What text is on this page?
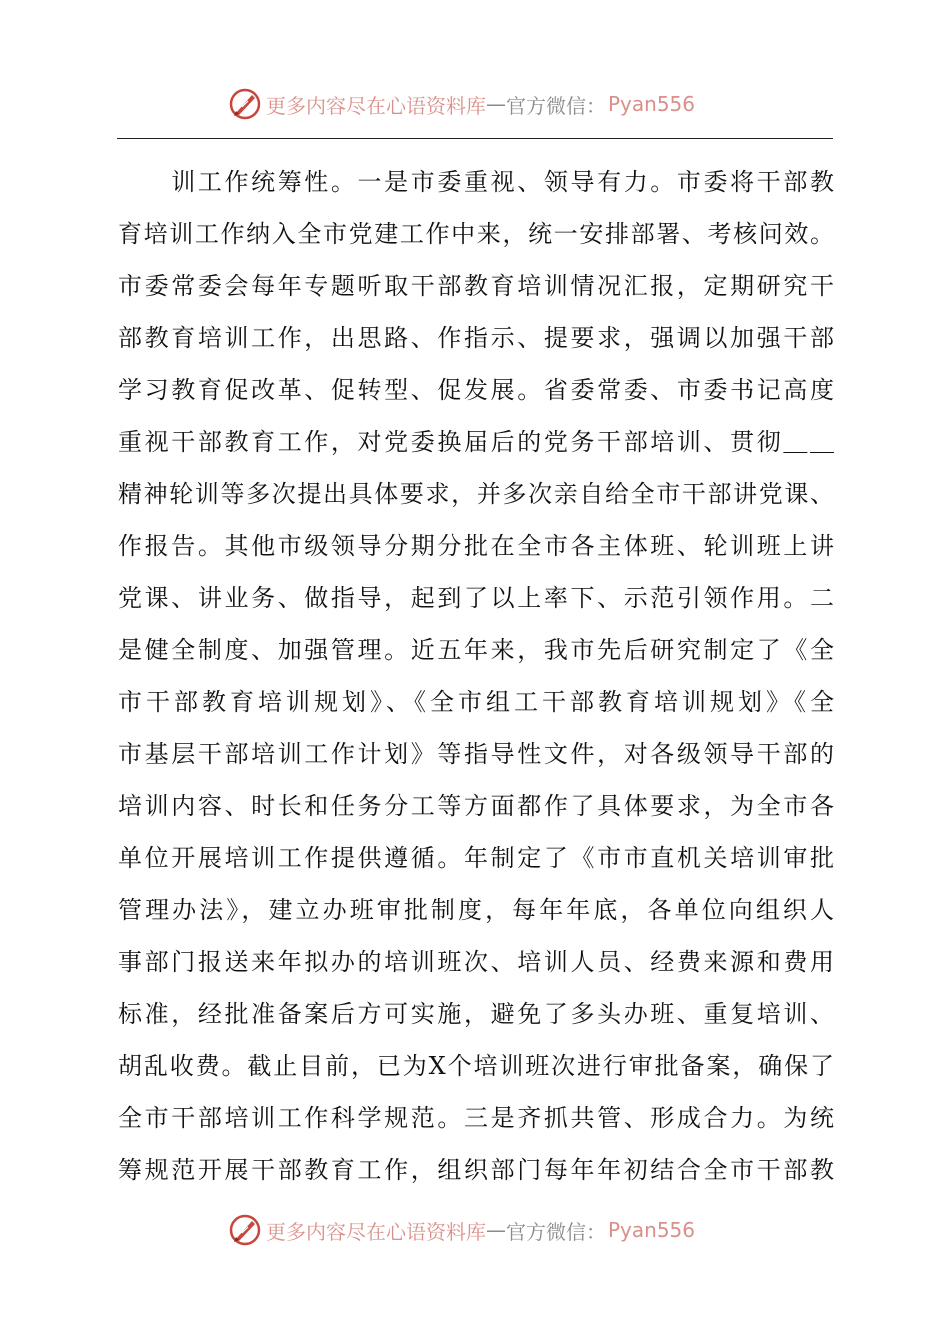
更多内容尽在心语资料库 — 官方微信： Pyan556
　　训工作统筹性。一是市委重视、领导有力。市委将干部教
育培训工作纳入全市党建工作中来，统一安排部署、考核问效。
市委常委会每年专题听取干部教育培训情况汇报，定期研究干
部教育培训工作，出思路、作指示、提要求，强调以加强干部
学习教育促改革、促转型、促发展。省委常委、市委书记高度
重视干部教育工作，对党委换届后的党务干部培训、贯彻＿＿
精神轮训等多次提出具体要求，并多次亲自给全市干部讲党课、
作报告。其他市级领导分期分批在全市各主体班、轮训班上讲
党课、讲业务、做指导，起到了以上率下、示范引领作用。二
是健全制度、加强管理。近五年来，我市先后研究制定了《全
市干部教育培训规划》、《全市组工干部教育培训规划》《全
市基层干部培训工作计划》等指导性文件，对各级领导干部的
培训内容、时长和任务分工等方面都作了具体要求，为全市各
单位开展培训工作提供遵循。年制定了《市市直机关培训审批
管理办法》，建立办班审批制度，每年年底，各单位向组织人
事部门报送来年拟办的培训班次、培训人员、经费来源和费用
标准，经批准备案后方可实施，避免了多头办班、重复培训、
胡乱收费。截止目前，已为X个培训班次进行审批备案，确保了
全市干部培训工作科学规范。三是齐抓共管、形成合力。为统
筹规范开展干部教育工作，组织部门每年年初结合全市干部教
更多内容尽在心语资料库 — 官方微信： Pyan556
